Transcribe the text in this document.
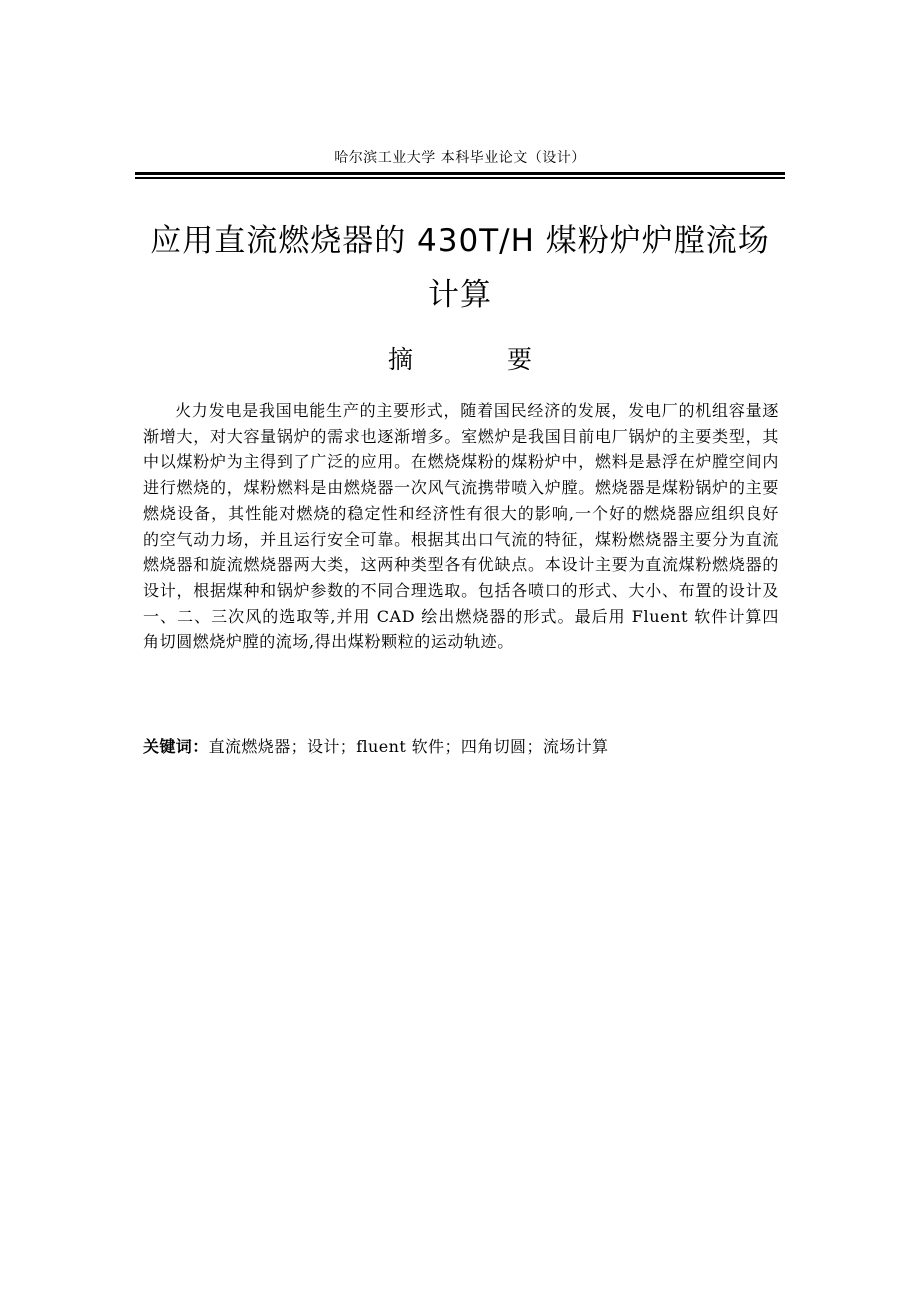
哈尔滨工业大学 本科毕业论文（设计）
应用直流燃烧器的 430T/H 煤粉炉炉膛流场计算
摘 要
火力发电是我国电能生产的主要形式，随着国民经济的发展，发电厂的机组容量逐渐增大，对大容量锅炉的需求也逐渐增多。室燃炉是我国目前电厂锅炉的主要类型，其中以煤粉炉为主得到了广泛的应用。在燃烧煤粉的煤粉炉中，燃料是悬浮在炉膛空间内进行燃烧的，煤粉燃料是由燃烧器一次风气流携带喷入炉膛。燃烧器是煤粉锅炉的主要燃烧设备，其性能对燃烧的稳定性和经济性有很大的影响,一个好的燃烧器应组织良好的空气动力场，并且运行安全可靠。根据其出口气流的特征，煤粉燃烧器主要分为直流燃烧器和旋流燃烧器两大类，这两种类型各有优缺点。本设计主要为直流煤粉燃烧器的设计，根据煤种和锅炉参数的不同合理选取。包括各喷口的形式、大小、布置的设计及一、二、三次风的选取等,并用 CAD 绘出燃烧器的形式。最后用 Fluent 软件计算四角切圆燃烧炉膛的流场,得出煤粉颗粒的运动轨迹。
关键词：直流燃烧器；设计；fluent 软件；四角切圆；流场计算
